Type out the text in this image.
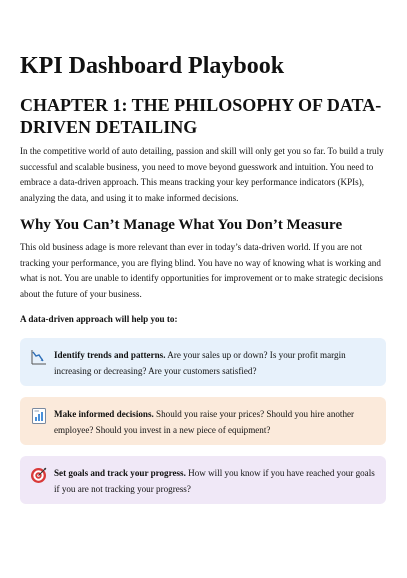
KPI Dashboard Playbook
CHAPTER 1: THE PHILOSOPHY OF DATA-DRIVEN DETAILING

In the competitive world of auto detailing, passion and skill will only get you so far. To build a truly successful and scalable business, you need to move beyond guesswork and intuition. You need to embrace a data-driven approach. This means tracking your key performance indicators (KPIs), analyzing the data, and using it to make informed decisions.

Why You Can’t Manage What You Don’t Measure

This old business adage is more relevant than ever in today’s data-driven world. If you are not tracking your performance, you are flying blind. You have no way of knowing what is working and what is not. You are unable to identify opportunities for improvement or to make strategic decisions about the future of your business.

A data-driven approach will help you to:

Identify trends and patterns. Are your sales up or down? Is your profit margin increasing or decreasing? Are your customers satisfied?
Make informed decisions. Should you raise your prices? Should you hire another employee? Should you invest in a new piece of equipment?
Set goals and track your progress. How will you know if you have reached your goals if you are not tracking your progress?
